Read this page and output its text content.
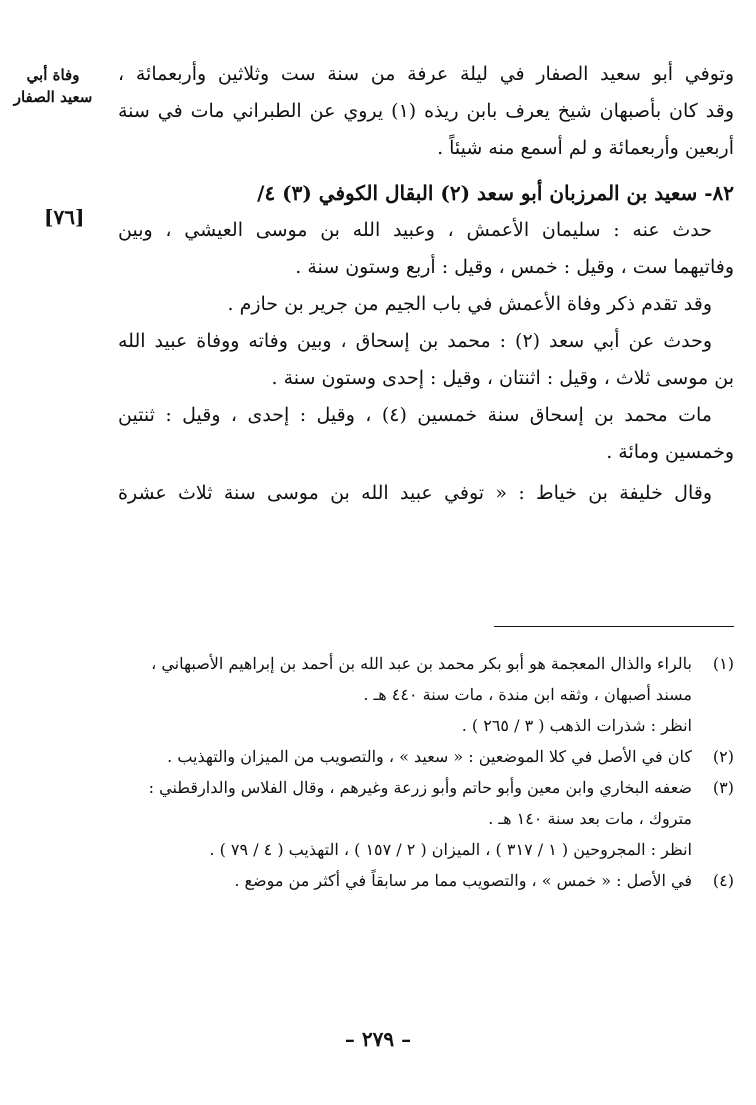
وفاة أبي
سعيد الصفار
[٧٦]
وتوفي أبو سعيد الصفار في ليلة عرفة من سنة ست وثلاثين وأربعمائة ،
وقد كان بأصبهان شيخ يعرف بابن ريذه (١) يروي عن الطبراني مات في سنة
أربعين وأربعمائة و لم أسمع منه شيئاً .
٨٢- سعيد بن المرزبان أبو سعد (٢) البقال الكوفي (٣) ٤/
حدث عنه : سليمان الأعمش ، وعبيد الله بن موسى العيشي ، وبين
وفاتيهما ست ، وقيل : خمس ، وقيل : أربع وستون سنة .
وقد تقدم ذكر وفاة الأعمش في باب الجيم من جرير بن حازم .
وحدث عن أبي سعد (٢) : محمد بن إسحاق ، وبين وفاته ووفاة عبيد الله
بن موسى ثلاث ، وقيل : اثنتان ، وقيل : إحدى وستون سنة .
مات محمد بن إسحاق سنة خمسين (٤) ، وقيل : إحدى ، وقيل : ثنتين
وخمسين ومائة .
وقال خليفة بن خياط : « توفي عبيد الله بن موسى سنة ثلاث عشرة
(١)بالراء والذال المعجمة هو أبو بكر محمد بن عبد الله بن أحمد بن إبراهيم الأصبهاني ،
مسند أصبهان ، وثقه ابن مندة ، مات سنة ٤٤٠ هـ .
انظر : شذرات الذهب ( ٣ / ٢٦٥ ) .
(٢)كان في الأصل في كلا الموضعين : « سعيد » ، والتصويب من الميزان والتهذيب .
(٣)ضعفه البخاري وابن معين وأبو حاتم وأبو زرعة وغيرهم ، وقال الفلاس والدارقطني :
متروك ، مات بعد سنة ١٤٠ هـ .
انظر : المجروحين ( ١ / ٣١٧ ) ، الميزان ( ٢ / ١٥٧ ) ، التهذيب ( ٤ / ٧٩ ) .
(٤)في الأصل : « خمس » ، والتصويب مما مر سابقاً في أكثر من موضع .
– ٢٧٩ –
